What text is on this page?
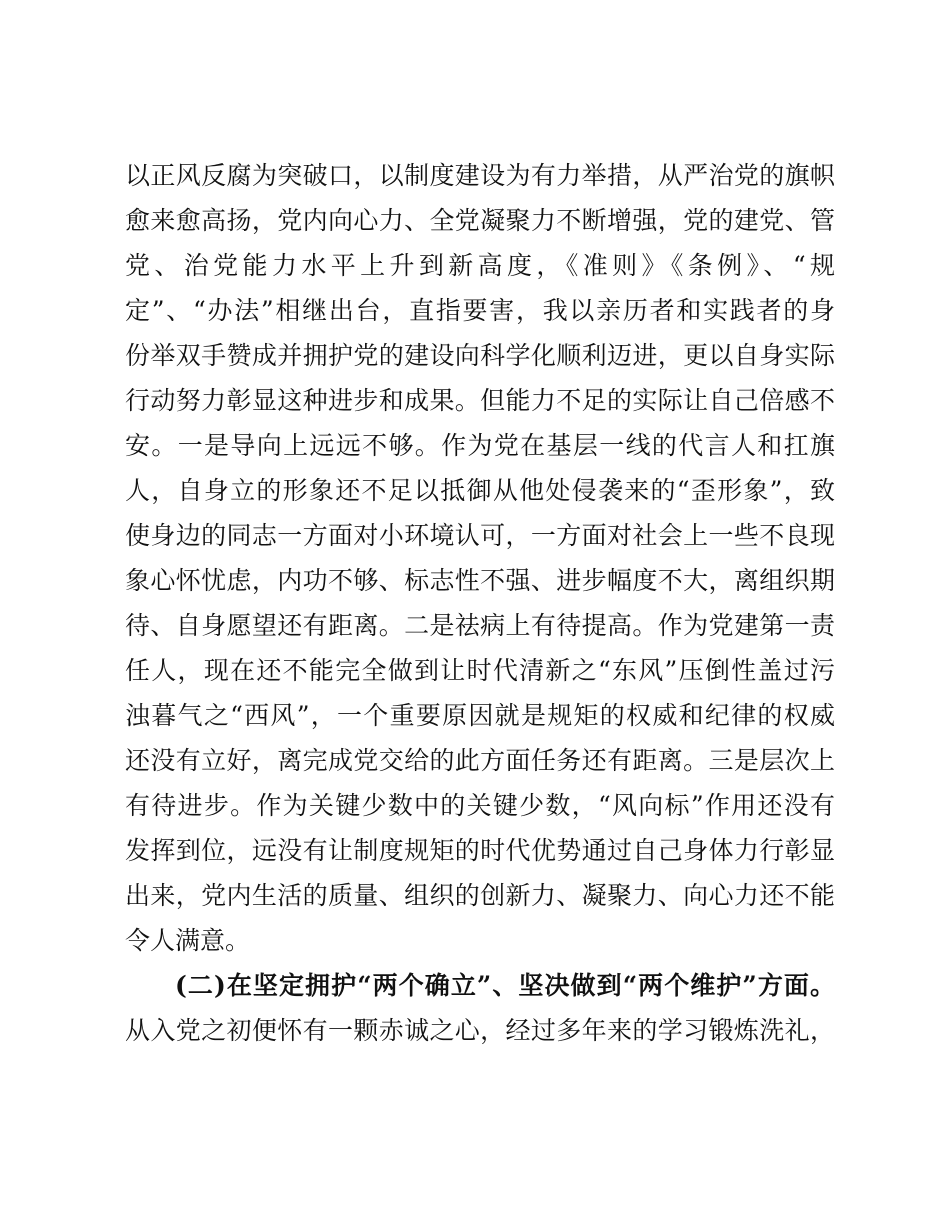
以正风反腐为突破口，以制度建设为有力举措，从严治党的旗帜
愈来愈高扬，党内向心力、全党凝聚力不断增强，党的建党、管
党、治党能力水平上升到新高度，《准则》《条例》、“规
定”、“办法”相继出台，直指要害，我以亲历者和实践者的身
份举双手赞成并拥护党的建设向科学化顺利迈进，更以自身实际
行动努力彰显这种进步和成果。但能力不足的实际让自己倍感不
安。一是导向上远远不够。作为党在基层一线的代言人和扛旗
人，自身立的形象还不足以抵御从他处侵袭来的“歪形象”，致
使身边的同志一方面对小环境认可，一方面对社会上一些不良现
象心怀忧虑，内功不够、标志性不强、进步幅度不大，离组织期
待、自身愿望还有距离。二是祛病上有待提高。作为党建第一责
任人，现在还不能完全做到让时代清新之“东风”压倒性盖过污
浊暮气之“西风”，一个重要原因就是规矩的权威和纪律的权威
还没有立好，离完成党交给的此方面任务还有距离。三是层次上
有待进步。作为关键少数中的关键少数，“风向标”作用还没有
发挥到位，远没有让制度规矩的时代优势通过自己身体力行彰显
出来，党内生活的质量、组织的创新力、凝聚力、向心力还不能
令人满意。
(二)在坚定拥护“两个确立”、坚决做到“两个维护”方面。
从入党之初便怀有一颗赤诚之心，经过多年来的学习锻炼洗礼，
